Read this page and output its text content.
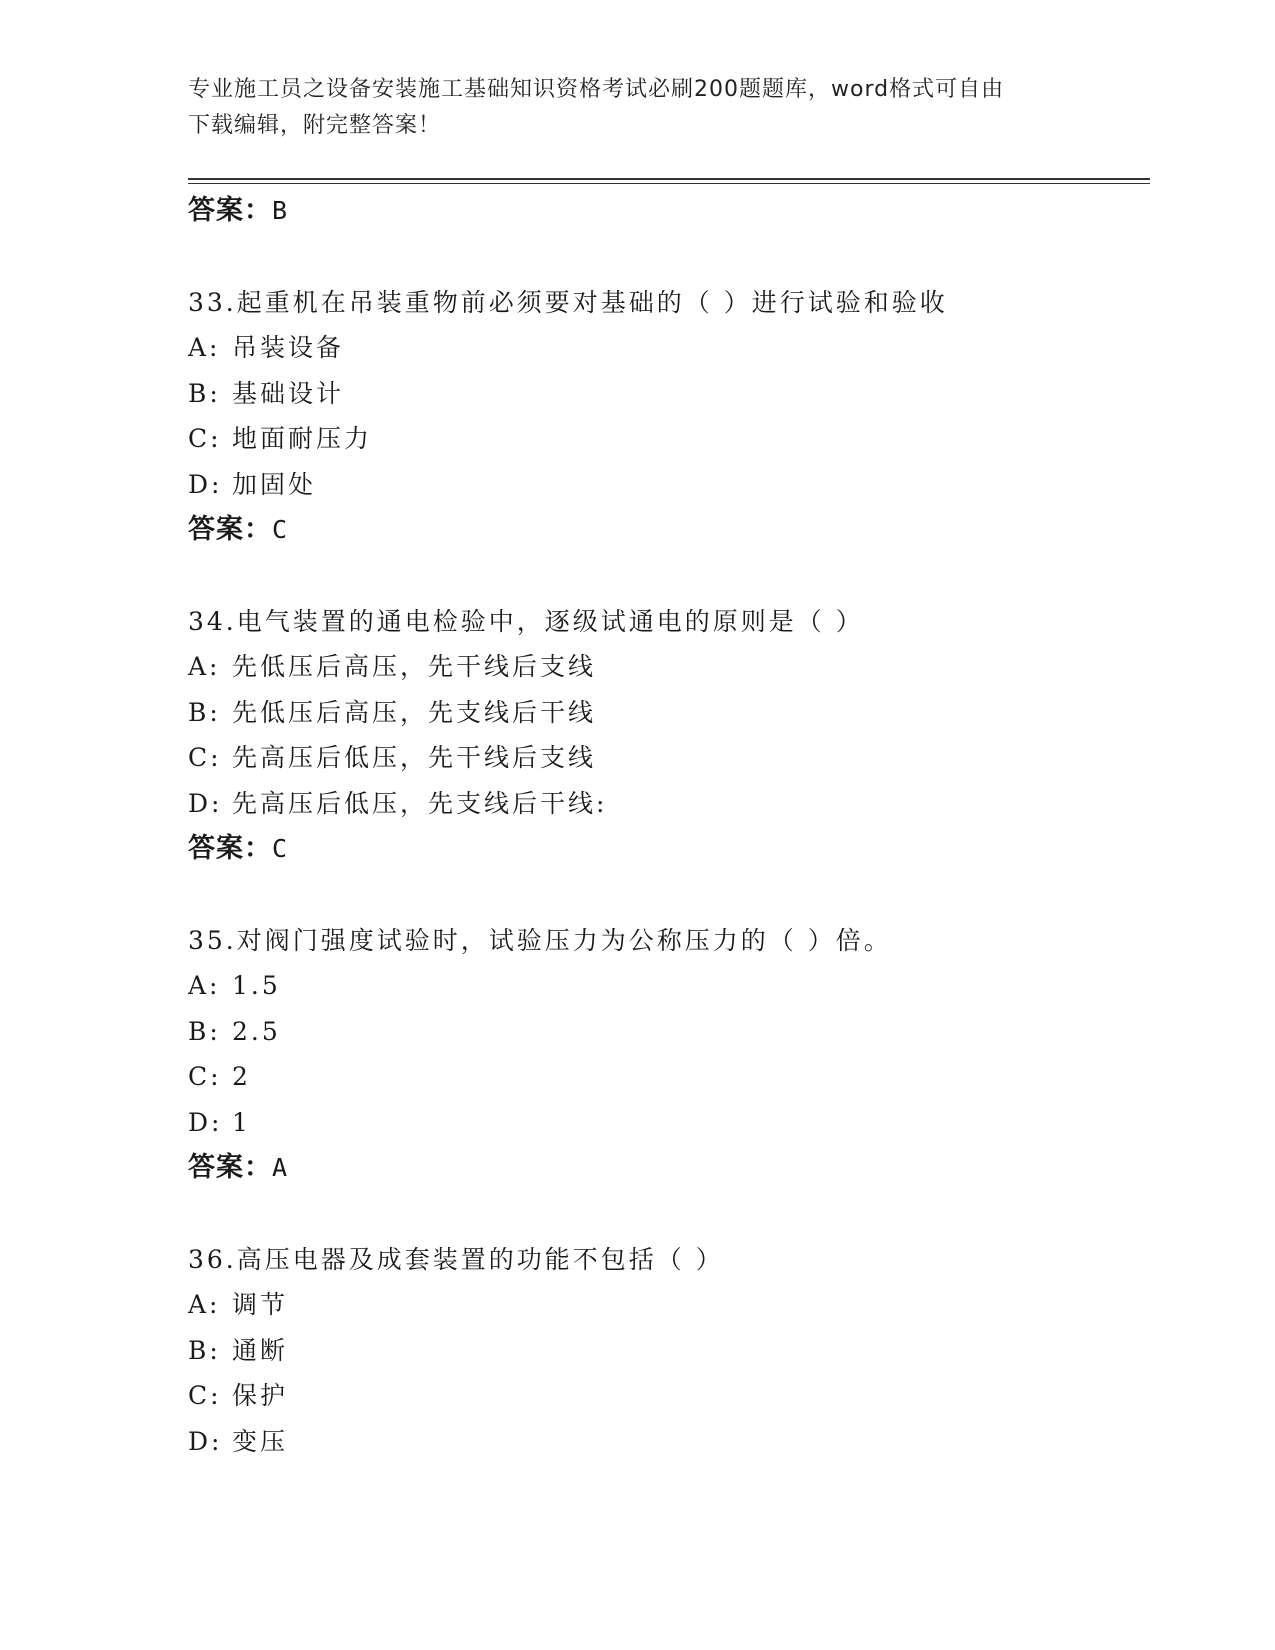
专业施工员之设备安装施工基础知识资格考试必刷200题题库，word格式可自由
下载编辑，附完整答案！
答案：B
33.起重机在吊装重物前必须要对基础的（ ）进行试验和验收
A: 吊装设备
B: 基础设计
C: 地面耐压力
D: 加固处
答案：C
34.电气装置的通电检验中，逐级试通电的原则是（ ）
A: 先低压后高压，先干线后支线
B: 先低压后高压，先支线后干线
C: 先高压后低压，先干线后支线
D: 先高压后低压，先支线后干线:
答案：C
35.对阀门强度试验时，试验压力为公称压力的（ ）倍。
A: 1.5
B: 2.5
C: 2
D: 1
答案：A
36.高压电器及成套装置的功能不包括（ ）
A: 调节
B: 通断
C: 保护
D: 变压
